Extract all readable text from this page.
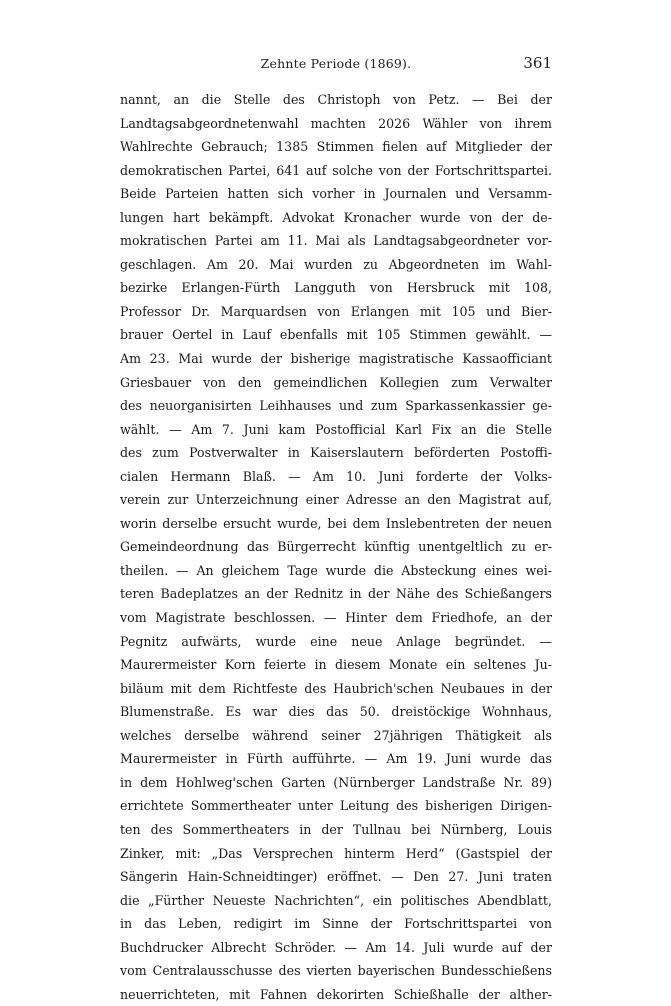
Zehnte Periode (1869).	361
nannt, an die Stelle des Christoph von Petz. — Bei der
Landtagsabgeordnetenwahl machten 2026 Wähler von ihrem
Wahlrechte Gebrauch; 1385 Stimmen fielen auf Mitglieder der
demokratischen Partei, 641 auf solche von der Fortschrittspartei.
Beide Parteien hatten sich vorher in Journalen und Versamm-
lungen hart bekämpft. Advokat Kronacher wurde von der de-
mokratischen Partei am 11. Mai als Landtagsabgeordneter vor-
geschlagen. Am 20. Mai wurden zu Abgeordneten im Wahl-
bezirke Erlangen-Fürth Langguth von Hersbruck mit 108,
Professor Dr. Marquardsen von Erlangen mit 105 und Bier-
brauer Oertel in Lauf ebenfalls mit 105 Stimmen gewählt. —
Am 23. Mai wurde der bisherige magistratische Kassaofficiant
Griesbauer von den gemeindlichen Kollegien zum Verwalter
des neuorganisirten Leihhauses und zum Sparkassenkassier ge-
wählt. — Am 7. Juni kam Postofficial Karl Fix an die Stelle
des zum Postverwalter in Kaiserslautern beförderten Postoffi-
cialen Hermann Blaß. — Am 10. Juni forderte der Volks-
verein zur Unterzeichnung einer Adresse an den Magistrat auf,
worin derselbe ersucht wurde, bei dem Inslebentreten der neuen
Gemeindeordnung das Bürgerrecht künftig unentgeltlich zu er-
theilen. — An gleichem Tage wurde die Absteckung eines wei-
teren Badeplatzes an der Rednitz in der Nähe des Schießangers
vom Magistrate beschlossen. — Hinter dem Friedhofe, an der
Pegnitz aufwärts, wurde eine neue Anlage begründet. —
Maurermeister Korn feierte in diesem Monate ein seltenes Ju-
biläum mit dem Richtfeste des Haubrich'schen Neubaues in der
Blumenstraße. Es war dies das 50. dreistöckige Wohnhaus,
welches derselbe während seiner 27jährigen Thätigkeit als
Maurermeister in Fürth aufführte. — Am 19. Juni wurde das
in dem Hohlweg'schen Garten (Nürnberger Landstraße Nr. 89)
errichtete Sommertheater unter Leitung des bisherigen Dirigen-
ten des Sommertheaters in der Tullnau bei Nürnberg, Louis
Zinker, mit: „Das Versprechen hinterm Herd“ (Gastspiel der
Sängerin Hain-Schneidtinger) eröffnet. — Den 27. Juni traten
die „Fürther Neueste Nachrichten“, ein politisches Abendblatt,
in das Leben, redigirt im Sinne der Fortschrittspartei von
Buchdrucker Albrecht Schröder. — Am 14. Juli wurde auf der
vom Centralausschusse des vierten bayerischen Bundesschießens
neuerrichteten, mit Fahnen dekorirten Schießhalle der alther-
